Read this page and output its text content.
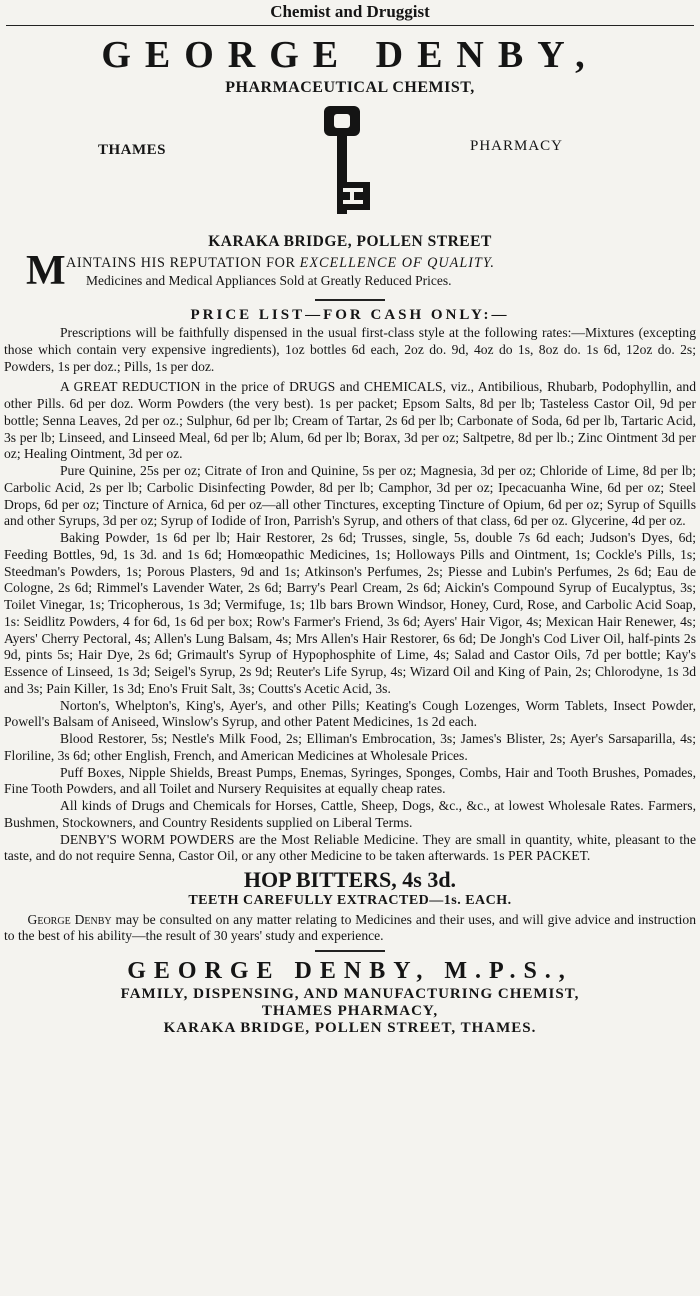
Chemist and Druggist
GEORGE DENBY,
PHARMACEUTICAL CHEMIST,
THAMES	PHARMACY
KARAKA BRIDGE, POLLEN STREET
M AINTAINS HIS REPUTATION FOR EXCELLENCE OF QUALITY.
Medicines and Medical Appliances Sold at Greatly Reduced Prices.
PRICE LIST—FOR CASH ONLY:—

Prescriptions will be faithfully dispensed in the usual first-class style at the following rates:—Mixtures (excepting those which contain very expensive ingredients), 1oz bottles 6d each, 2oz do. 9d, 4oz do 1s, 8oz do. 1s 6d, 12oz do. 2s; Powders, 1s per doz.; Pills, 1s per doz.

A GREAT REDUCTION in the price of DRUGS and CHEMICALS, viz., Antibilious, Rhubarb, Podophyllin, and other Pills. 6d per doz. Worm Powders (the very best). 1s per packet; Epsom Salts, 8d per lb; Tasteless Castor Oil, 9d per bottle; Senna Leaves, 2d per oz.; Sulphur, 6d per lb; Cream of Tartar, 2s 6d per lb; Carbonate of Soda, 6d per lb, Tartaric Acid, 3s per lb; Linseed, and Linseed Meal, 6d per lb; Alum, 6d per lb; Borax, 3d per oz; Saltpetre, 8d per lb.; Zinc Ointment 3d per oz; Healing Ointment, 3d per oz.

Pure Quinine, 25s per oz; Citrate of Iron and Quinine, 5s per oz; Magnesia, 3d per oz; Chloride of Lime, 8d per lb; Carbolic Acid, 2s per lb; Carbolic Disinfecting Powder, 8d per lb; Camphor, 3d per oz; Ipecacuanha Wine, 6d per oz; Steel Drops, 6d per oz; Tincture of Arnica, 6d per oz—all other Tinctures, excepting Tincture of Opium, 6d per oz; Syrup of Squills and other Syrups, 3d per oz; Syrup of Iodide of Iron, Parrish's Syrup, and others of that class, 6d per oz. Glycerine, 4d per oz.

Baking Powder, 1s 6d per lb; Hair Restorer, 2s 6d; Trusses, single, 5s, double 7s 6d each; Judson's Dyes, 6d; Feeding Bottles, 9d, 1s 3d. and 1s 6d; Homœopathic Medicines, 1s; Holloways Pills and Ointment, 1s; Cockle's Pills, 1s; Steedman's Powders, 1s; Porous Plasters, 9d and 1s; Atkinson's Perfumes, 2s; Piesse and Lubin's Perfumes, 2s 6d; Eau de Cologne, 2s 6d; Rimmel's Lavender Water, 2s 6d; Barry's Pearl Cream, 2s 6d; Aickin's Compound Syrup of Eucalyptus, 3s; Toilet Vinegar, 1s; Tricopherous, 1s 3d; Vermifuge, 1s; 1lb bars Brown Windsor, Honey, Curd, Rose, and Carbolic Acid Soap, 1s: Seidlitz Powders, 4 for 6d, 1s 6d per box; Row's Farmer's Friend, 3s 6d; Ayers' Hair Vigor, 4s; Mexican Hair Renewer, 4s; Ayers' Cherry Pectoral, 4s; Allen's Lung Balsam, 4s; Mrs Allen's Hair Restorer, 6s 6d; De Jongh's Cod Liver Oil, half-pints 2s 9d, pints 5s; Hair Dye, 2s 6d; Grimault's Syrup of Hypophosphite of Lime, 4s; Salad and Castor Oils, 7d per bottle; Kay's Essence of Linseed, 1s 3d; Seigel's Syrup, 2s 9d; Reuter's Life Syrup, 4s; Wizard Oil and King of Pain, 2s; Chlorodyne, 1s 3d and 3s; Pain Killer, 1s 3d; Eno's Fruit Salt, 3s; Coutts's Acetic Acid, 3s.

Norton's, Whelpton's, King's, Ayer's, and other Pills; Keating's Cough Lozenges, Worm Tablets, Insect Powder, Powell's Balsam of Aniseed, Winslow's Syrup, and other Patent Medicines, 1s 2d each.

Blood Restorer, 5s; Nestle's Milk Food, 2s; Elliman's Embrocation, 3s; James's Blister, 2s; Ayer's Sarsaparilla, 4s; Floriline, 3s 6d; other English, French, and American Medicines at Wholesale Prices.

Puff Boxes, Nipple Shields, Breast Pumps, Enemas, Syringes, Sponges, Combs, Hair and Tooth Brushes, Pomades, Fine Tooth Powders, and all Toilet and Nursery Requisites at equally cheap rates.

All kinds of Drugs and Chemicals for Horses, Cattle, Sheep, Dogs, &c., &c., at lowest Wholesale Rates. Farmers, Bushmen, Stockowners, and Country Residents supplied on Liberal Terms.

DENBY'S WORM POWDERS are the Most Reliable Medicine. They are small in quantity, white, pleasant to the taste, and do not require Senna, Castor Oil, or any other Medicine to be taken afterwards. 1s PER PACKET.

HOP BITTERS, 4s 3d.
TEETH CAREFULLY EXTRACTED—1s. EACH.
George Denby may be consulted on any matter relating to Medicines and their uses, and will give advice and instruction to the best of his ability—the result of 30 years' study and experience.
GEORGE DENBY, M.P.S.,
FAMILY, DISPENSING, AND MANUFACTURING CHEMIST,
THAMES PHARMACY,
KARAKA BRIDGE, POLLEN STREET, THAMES.
